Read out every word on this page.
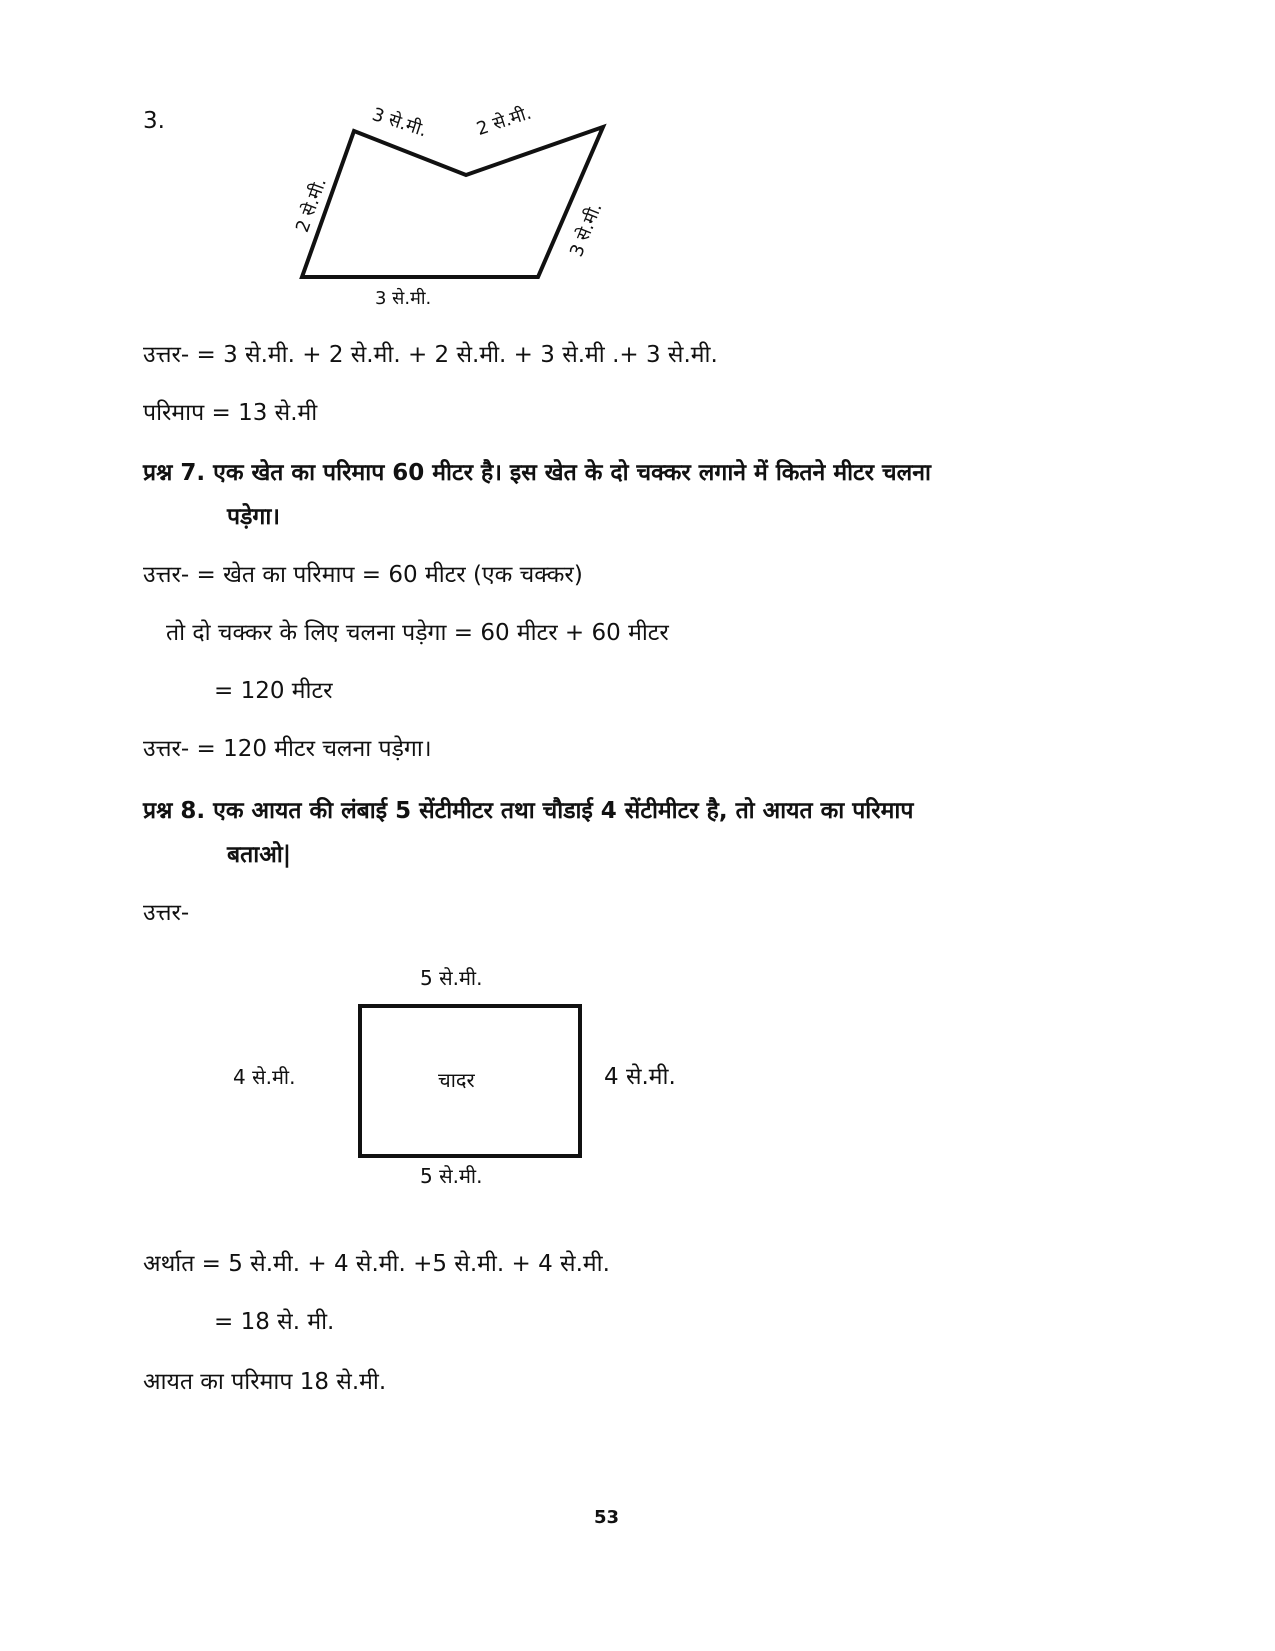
3.	3 से.मी. 2 से.मी.
2 से.मी.	3 से.मी.
3 से.मी.
उत्तर- = 3 से.मी. + 2 से.मी. + 2 से.मी. + 3 से.मी .+ 3 से.मी.
परिमाप = 13 से.मी
प्रश्न 7. एक खेत का परिमाप 60 मीटर है। इस खेत के दो चक्कर लगाने में कितने मीटर चलना
पड़ेगा।
उत्तर- = खेत का परिमाप = 60 मीटर (एक चक्कर)
तो दो चक्कर के लिए चलना पड़ेगा = 60 मीटर + 60 मीटर
= 120 मीटर
उत्तर- = 120 मीटर चलना पड़ेगा।
प्रश्न 8. एक आयत की लंबाई 5 सेंटीमीटर तथा चौडाई 4 सेंटीमीटर है, तो आयत का परिमाप
बताओ|
उत्तर-
5 से.मी.
4 से.मी.	चादर	4 से.मी.
5 से.मी.
अर्थात = 5 से.मी. + 4 से.मी. +5 से.मी. + 4 से.मी.
= 18 से. मी.
आयत का परिमाप 18 से.मी.
53
